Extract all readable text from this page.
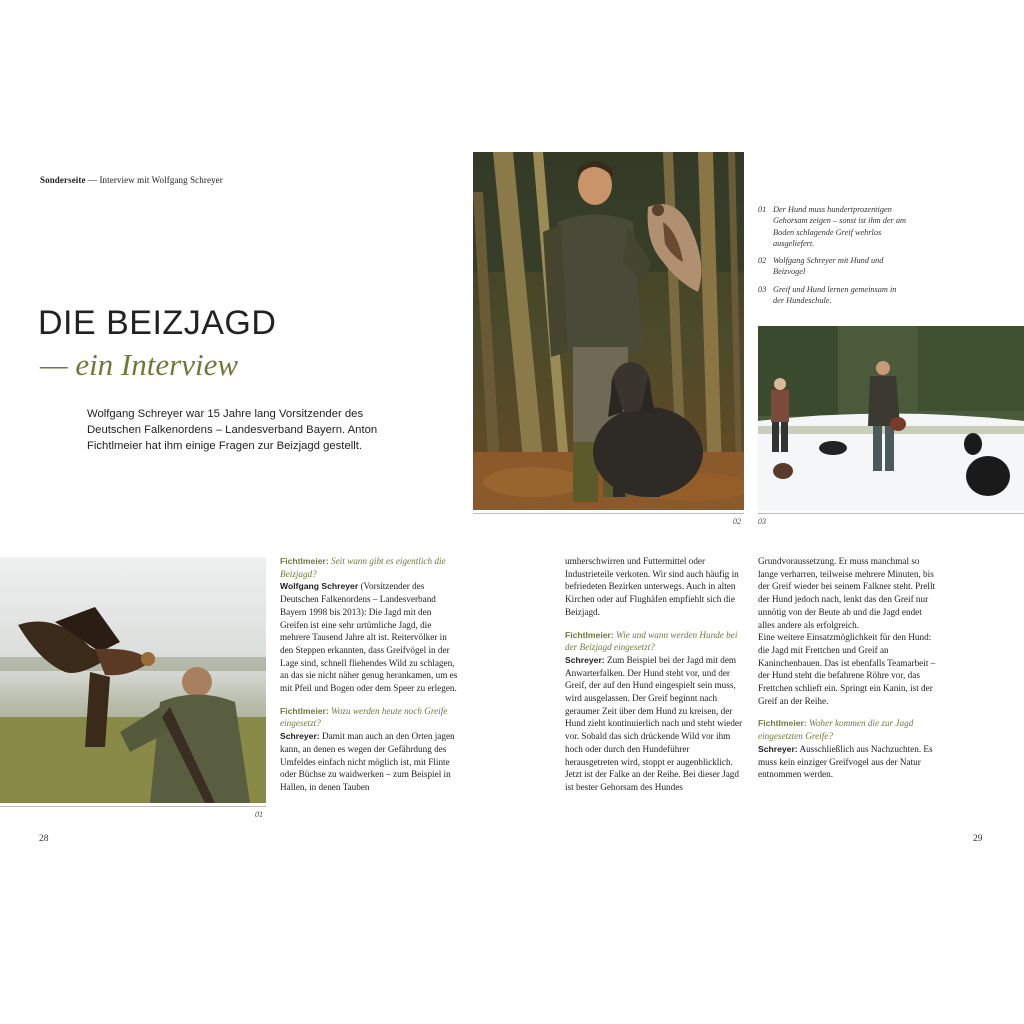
Sonderseite — Interview mit Wolfgang Schreyer
DIE BEIZJAGD
— ein Interview
Wolfgang Schreyer war 15 Jahre lang Vorsitzender des Deutschen Falkenordens – Landesverband Bayern. Anton Fichtlmeier hat ihm einige Fragen zur Beizjagd gestellt.
02
01 Der Hund muss hundertprozentigen Gehorsam zeigen – sonst ist ihm der am Boden schlagende Greif wehrlos ausgeliefert.
02 Wolfgang Schreyer mit Hund und Beizvogel
03 Greif und Hund lernen gemeinsam in der Hundeschule.
03
01

Fichtlmeier: Seit wann gibt es eigentlich die Beizjagd?

Wolfgang Schreyer (Vorsitzender des Deutschen Falkenordens – Landesverband Bayern 1998 bis 2013): Die Jagd mit den Greifen ist eine sehr urtümliche Jagd, die mehrere Tausend Jahre alt ist. Reitervölker in den Steppen erkannten, dass Greifvögel in der Lage sind, schnell fliehendes Wild zu schlagen, an das sie nicht näher genug herankamen, um es mit Pfeil und Bogen oder dem Speer zu erlegen.

Fichtlmeier: Wozu werden heute noch Greife eingesetzt?

Schreyer: Damit man auch an den Orten jagen kann, an denen es wegen der Gefährdung des Umfeldes einfach nicht möglich ist, mit Flinte oder Büchse zu waidwerken – zum Beispiel in Hallen, in denen Tauben

umherschwirren und Futtermittel oder Industrieteile verkoten. Wir sind auch häufig in befriedeten Bezirken unterwegs. Auch in alten Kirchen oder auf Flughäfen empfiehlt sich die Beizjagd.

Fichtlmeier: Wie und wann werden Hunde bei der Beizjagd eingesetzt?

Schreyer: Zum Beispiel bei der Jagd mit dem Anwarterfalken. Der Hund steht vor, und der Greif, der auf den Hund eingespielt sein muss, wird ausgelassen. Der Greif beginnt nach geraumer Zeit über dem Hund zu kreisen, der Hund zieht kontinuierlich nach und steht wieder vor. Sobald das sich drückende Wild vor ihm hoch oder durch den Hundeführer herausgetreten wird, stoppt er augenblicklich. Jetzt ist der Falke an der Reihe. Bei dieser Jagd ist bester Gehorsam des Hundes

Grundvoraussetzung. Er muss manchmal so lange verharren, teilweise mehrere Minuten, bis der Greif wieder bei seinem Falkner steht. Prellt der Hund jedoch nach, lenkt das den Greif nur unnötig von der Beute ab und die Jagd endet alles andere als erfolgreich.

Eine weitere Einsatzmöglichkeit für den Hund: die Jagd mit Frettchen und Greif an Kaninchenbauen. Das ist ebenfalls Teamarbeit – der Hund steht die befahrene Röhre vor, das Frettchen schlieft ein. Springt ein Kanin, ist der Greif an der Reihe.

Fichtlmeier: Woher kommen die zur Jagd eingesetzten Greife?

Schreyer: Ausschließlich aus Nachzuchten. Es muss kein einziger Greifvogel aus der Natur entnommen werden.

28	29
